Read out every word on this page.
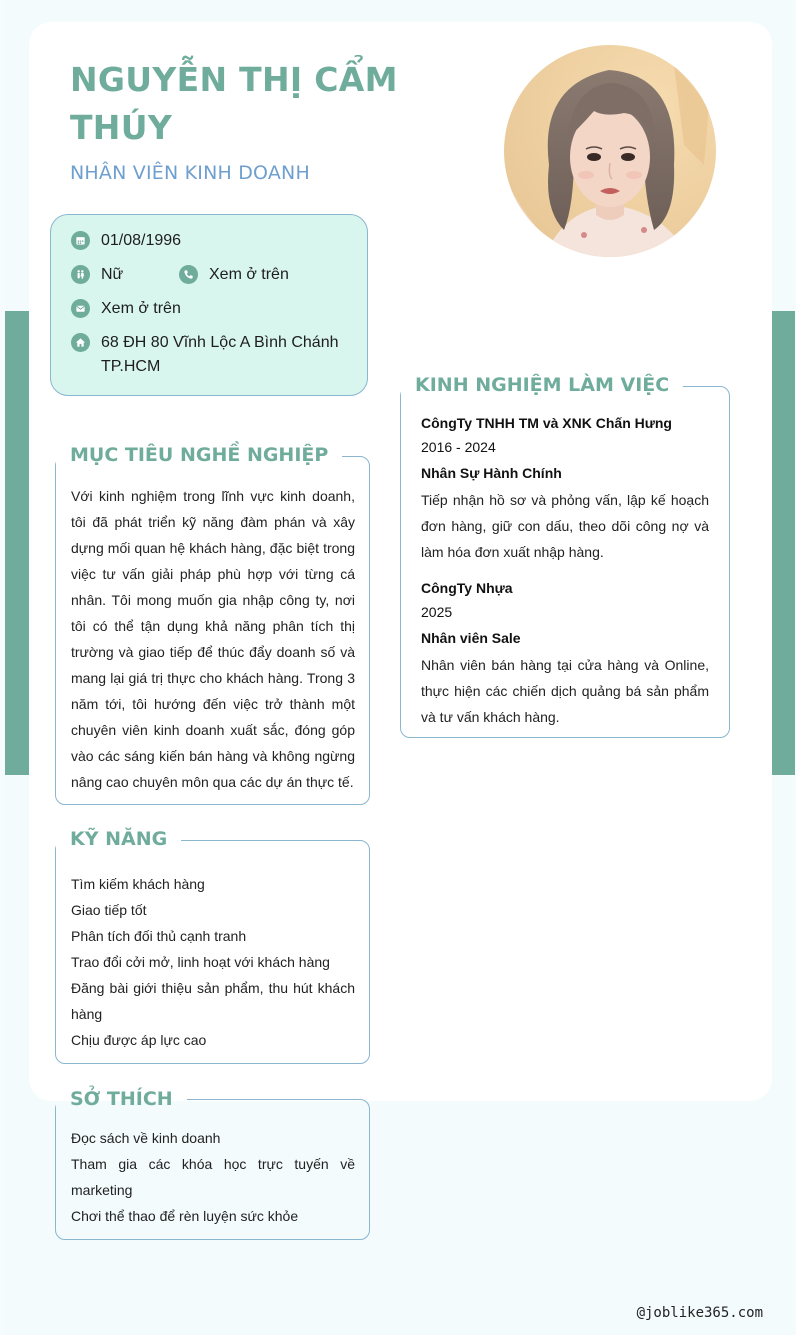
NGUYỄN THỊ CẨM THÚY
NHÂN VIÊN KINH DOANH
01/08/1996
Nữ	Xem ở trên
Xem ở trên
68 ĐH 80 Vĩnh Lộc A Bình Chánh TP.HCM
Với kinh nghiệm trong lĩnh vực kinh doanh, tôi đã phát triển kỹ năng đàm phán và xây dựng mối quan hệ khách hàng, đặc biệt trong việc tư vấn giải pháp phù hợp với từng cá nhân. Tôi mong muốn gia nhập công ty, nơi tôi có thể tận dụng khả năng phân tích thị trường và giao tiếp để thúc đẩy doanh số và mang lại giá trị thực cho khách hàng. Trong 3 năm tới, tôi hướng đến việc trở thành một chuyên viên kinh doanh xuất sắc, đóng góp vào các sáng kiến bán hàng và không ngừng nâng cao chuyên môn qua các dự án thực tế.
MỤC TIÊU NGHỀ NGHIỆP
Tìm kiếm khách hàng
Giao tiếp tốt
Phân tích đối thủ cạnh tranh
Trao đổi cởi mở, linh hoạt với khách hàng
Đăng bài giới thiệu sản phẩm, thu hút khách hàng
Chịu được áp lực cao
KỸ NĂNG
Đọc sách về kinh doanh
Tham gia các khóa học trực tuyến về marketing
Chơi thể thao để rèn luyện sức khỏe
SỞ THÍCH
CôngTy TNHH TM và XNK Chấn Hưng
2016 - 2024
Nhân Sự Hành Chính
Tiếp nhận hồ sơ và phỏng vấn, lập kế hoạch đơn hàng, giữ con dấu, theo dõi công nợ và làm hóa đơn xuất nhập hàng.
CôngTy Nhựa
2025
Nhân viên Sale
Nhân viên bán hàng tại cửa hàng và Online, thực hiện các chiến dịch quảng bá sản phẩm và tư vấn khách hàng.
KINH NGHIỆM LÀM VIỆC
@joblike365.com
